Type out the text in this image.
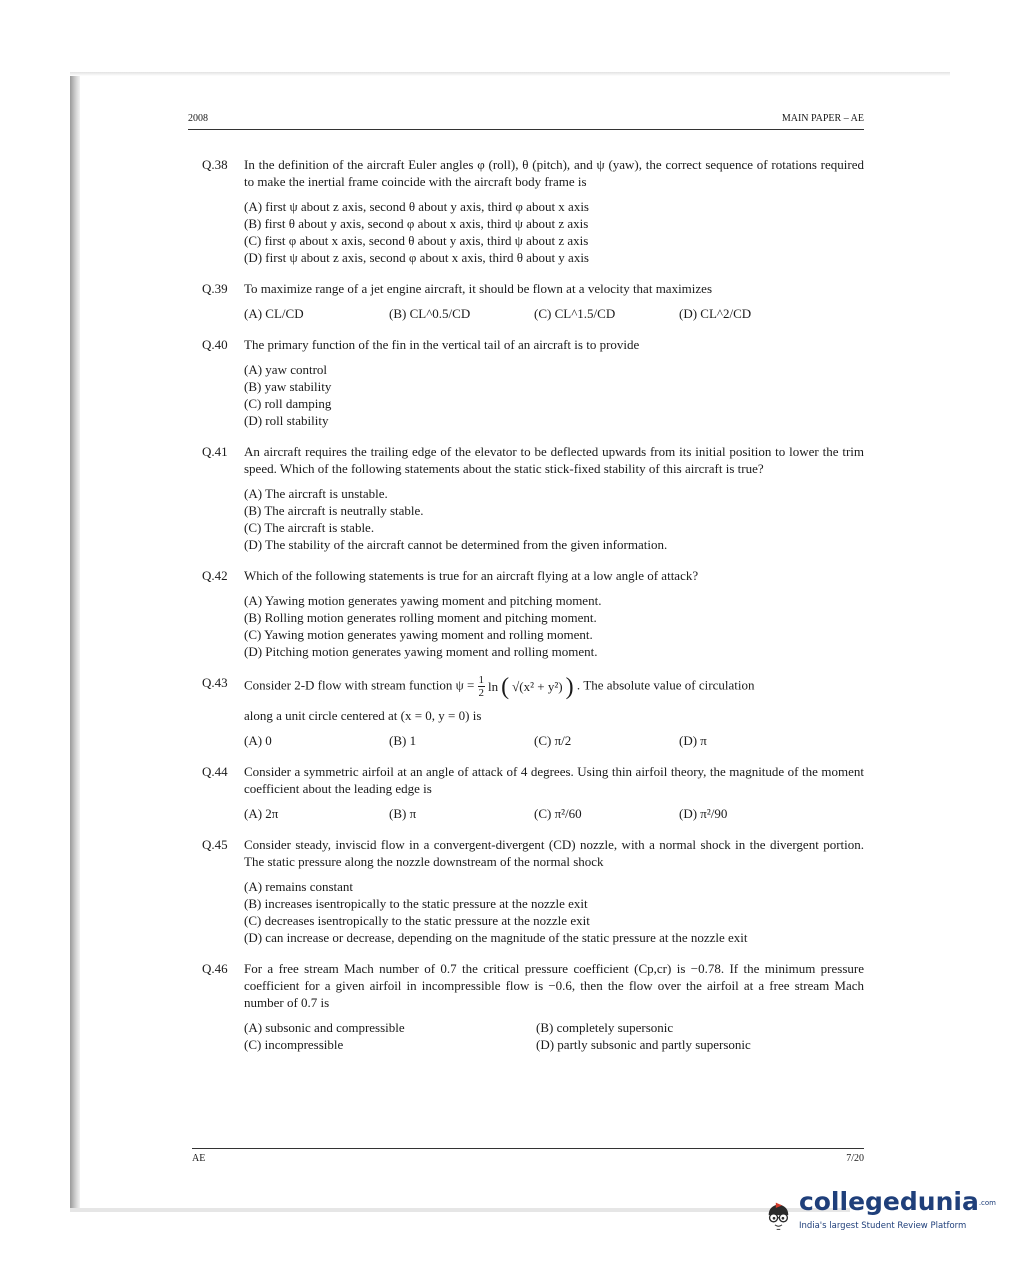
2008	MAIN PAPER – AE
Q.38	In the definition of the aircraft Euler angles φ (roll), θ (pitch), and ψ (yaw), the correct sequence of rotations required to make the inertial frame coincide with the aircraft body frame is

(A) first ψ about z axis, second θ about y axis, third φ about x axis
(B) first θ about y axis, second φ about x axis, third ψ about z axis
(C) first φ about x axis, second θ about y axis, third ψ about z axis
(D) first ψ about z axis, second φ about x axis, third θ about y axis
Q.39	To maximize range of a jet engine aircraft, it should be flown at a velocity that maximizes

(A) CL/CD	(B) CL^0.5/CD	(C) CL^1.5/CD	(D) CL^2/CD
Q.40	The primary function of the fin in the vertical tail of an aircraft is to provide

(A) yaw control
(B) yaw stability
(C) roll damping
(D) roll stability
Q.41	An aircraft requires the trailing edge of the elevator to be deflected upwards from its initial position to lower the trim speed. Which of the following statements about the static stick-fixed stability of this aircraft is true?

(A) The aircraft is unstable.
(B) The aircraft is neutrally stable.
(C) The aircraft is stable.
(D) The stability of the aircraft cannot be determined from the given information.
Q.42	Which of the following statements is true for an aircraft flying at a low angle of attack?

(A) Yawing motion generates yawing moment and pitching moment.
(B) Rolling motion generates rolling moment and pitching moment.
(C) Yawing motion generates yawing moment and rolling moment.
(D) Pitching motion generates yawing moment and rolling moment.
Q.43	Consider 2-D flow with stream function $\psi = \frac{1}{2}$ ln ( √(x² + y²) ) . The absolute value of circulation

along a unit circle centered at (x = 0, y = 0) is

(A) 0	(B) 1	(C) π/2	(D) π
Q.44	Consider a symmetric airfoil at an angle of attack of 4 degrees. Using thin airfoil theory, the magnitude of the moment coefficient about the leading edge is

(A) 2π	(B) π	(C) π²/60	(D) π²/90
Q.45	Consider steady, inviscid flow in a convergent-divergent (CD) nozzle, with a normal shock in the divergent portion. The static pressure along the nozzle downstream of the normal shock

(A) remains constant
(B) increases isentropically to the static pressure at the nozzle exit
(C) decreases isentropically to the static pressure at the nozzle exit
(D) can increase or decrease, depending on the magnitude of the static pressure at the nozzle exit
Q.46	For a free stream Mach number of 0.7 the critical pressure coefficient (Cp,cr) is −0.78. If the minimum pressure coefficient for a given airfoil in incompressible flow is −0.6, then the flow over the airfoil at a free stream Mach number of 0.7 is

(A) subsonic and compressible	(B) completely supersonic
(C) incompressible	(D) partly subsonic and partly supersonic
AE	7/20
collegedunia.com
India's largest Student Review Platform
